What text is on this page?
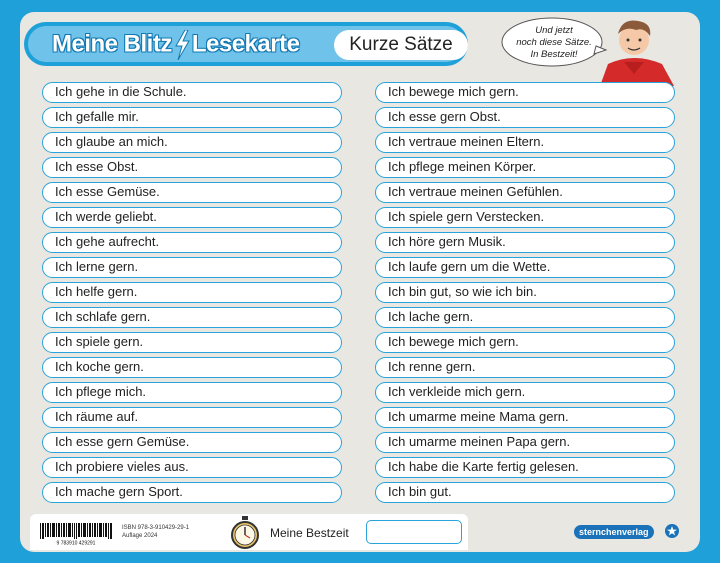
Meine Blitz Lesekarte	Kurze Sätze
Und jetzt
noch diese Sätze.
In Bestzeit!
Ich gehe in die Schule.
Ich gefalle mir.
Ich glaube an mich.
Ich esse Obst.
Ich esse Gemüse.
Ich werde geliebt.
Ich gehe aufrecht.
Ich lerne gern.
Ich helfe gern.
Ich schlafe gern.
Ich spiele gern.
Ich koche gern.
Ich pflege mich.
Ich räume auf.
Ich esse gern Gemüse.
Ich probiere vieles aus.
Ich mache gern Sport.
Ich bewege mich gern.
Ich esse gern Obst.
Ich vertraue meinen Eltern.
Ich pflege meinen Körper.
Ich vertraue meinen Gefühlen.
Ich spiele gern Verstecken.
Ich höre gern Musik.
Ich laufe gern um die Wette.
Ich bin gut, so wie ich bin.
Ich lache gern.
Ich bewege mich gern.
Ich renne gern.
Ich verkleide mich gern.
Ich umarme meine Mama gern.
Ich umarme meinen Papa gern.
Ich habe die Karte fertig gelesen.
Ich bin gut.
9 783910 429291
ISBN 978-3-910429-29-1
Auflage 2024	Meine Bestzeit	sternchenverlag
